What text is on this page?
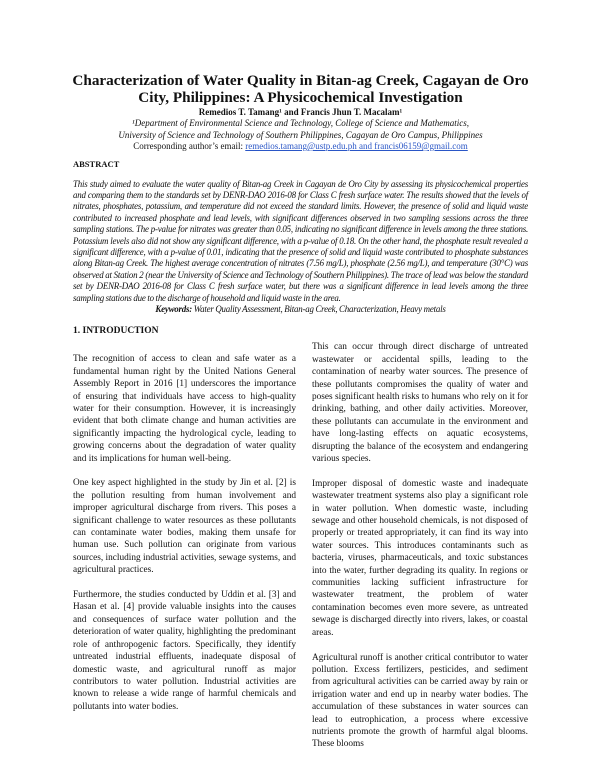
Characterization of Water Quality in Bitan-ag Creek, Cagayan de Oro City, Philippines: A Physicochemical Investigation
Remedios T. Tamang¹ and Francis Jhun T. Macalam¹
¹Department of Environmental Science and Technology, College of Science and Mathematics,
University of Science and Technology of Southern Philippines, Cagayan de Oro Campus, Philippines
Corresponding author’s email: remedios.tamang@ustp.edu.ph and francis06159@gmail.com
ABSTRACT
This study aimed to evaluate the water quality of Bitan-ag Creek in Cagayan de Oro City by assessing its physicochemical properties and comparing them to the standards set by DENR-DAO 2016-08 for Class C fresh surface water. The results showed that the levels of nitrates, phosphates, potassium, and temperature did not exceed the standard limits. However, the presence of solid and liquid waste contributed to increased phosphate and lead levels, with significant differences observed in two sampling sessions across the three sampling stations. The p-value for nitrates was greater than 0.05, indicating no significant difference in levels among the three stations. Potassium levels also did not show any significant difference, with a p-value of 0.18. On the other hand, the phosphate result revealed a significant difference, with a p-value of 0.01, indicating that the presence of solid and liquid waste contributed to phosphate substances along Bitan-ag Creek. The highest average concentration of nitrates (7.56 mg/L), phosphate (2.56 mg/L), and temperature (30°C) was observed at Station 2 (near the University of Science and Technology of Southern Philippines). The trace of lead was below the standard set by DENR-DAO 2016-08 for Class C fresh surface water, but there was a significant difference in lead levels among the three sampling stations due to the discharge of household and liquid waste in the area.
Keywords: Water Quality Assessment, Bitan-ag Creek, Characterization, Heavy metals
1. INTRODUCTION

The recognition of access to clean and safe water as a fundamental human right by the United Nations General Assembly Report in 2016 [1] underscores the importance of ensuring that individuals have access to high-quality water for their consumption. However, it is increasingly evident that both climate change and human activities are significantly impacting the hydrological cycle, leading to growing concerns about the degradation of water quality and its implications for human well-being.

One key aspect highlighted in the study by Jin et al. [2] is the pollution resulting from human involvement and improper agricultural discharge from rivers. This poses a significant challenge to water resources as these pollutants can contaminate water bodies, making them unsafe for human use. Such pollution can originate from various sources, including industrial activities, sewage systems, and agricultural practices.

Furthermore, the studies conducted by Uddin et al. [3] and Hasan et al. [4] provide valuable insights into the causes and consequences of surface water pollution and the deterioration of water quality, highlighting the predominant role of anthropogenic factors. Specifically, they identify untreated industrial effluents, inadequate disposal of domestic waste, and agricultural runoff as major contributors to water pollution. Industrial activities are known to release a wide range of harmful chemicals and pollutants into water bodies.

This can occur through direct discharge of untreated wastewater or accidental spills, leading to the contamination of nearby water sources. The presence of these pollutants compromises the quality of water and poses significant health risks to humans who rely on it for drinking, bathing, and other daily activities. Moreover, these pollutants can accumulate in the environment and have long-lasting effects on aquatic ecosystems, disrupting the balance of the ecosystem and endangering various species.

Improper disposal of domestic waste and inadequate wastewater treatment systems also play a significant role in water pollution. When domestic waste, including sewage and other household chemicals, is not disposed of properly or treated appropriately, it can find its way into water sources. This introduces contaminants such as bacteria, viruses, pharmaceuticals, and toxic substances into the water, further degrading its quality. In regions or communities lacking sufficient infrastructure for wastewater treatment, the problem of water contamination becomes even more severe, as untreated sewage is discharged directly into rivers, lakes, or coastal areas.

Agricultural runoff is another critical contributor to water pollution. Excess fertilizers, pesticides, and sediment from agricultural activities can be carried away by rain or irrigation water and end up in nearby water bodies. The accumulation of these substances in water sources can lead to eutrophication, a process where excessive nutrients promote the growth of harmful algal blooms. These blooms
